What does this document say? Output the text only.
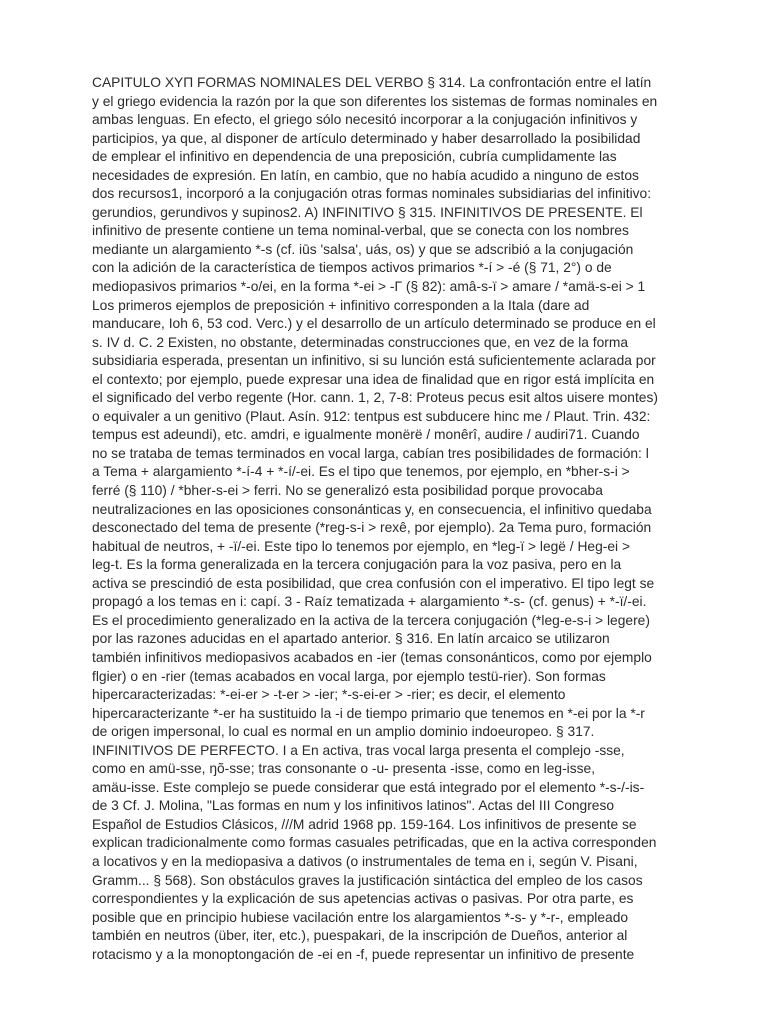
CAPITULO XYП FORMAS NOMINALES DEL VERBO § 314. La confrontación entre el latín
y el griego evidencia la razón por la que son diferentes los sistemas de formas nominales en
ambas lenguas. En efecto, el griego sólo necesitó incorporar a la conjugación infinitivos y
participios, ya que, al disponer de artículo determinado y haber desarrollado la posibilidad
de emplear el infinitivo en dependencia de una preposición, cubría cumplidamente las
necesidades de expresión. En latín, en cambio, que no había acudido a ninguno de estos
dos recursos1, incorporó a la conjugación otras formas nominales subsidiarias del infinitivo:
gerundios, gerundivos y supinos2. A) INFINITIVO § 315. INFINITIVOS DE PRESENTE. El
infinitivo de presente contiene un tema nominal-verbal, que se conecta con los nombres
mediante un alargamiento *-s (cf. iūs 'salsa', uás, os) y que se adscribió a la conjugación
con la adición de la característica de tiempos activos primarios *-í > -é (§ 71, 2°) o de
mediopasivos primarios *-o/ei, en la forma *-ei > -Γ (§ 82): amâ-s-ï > amare / *amä-s-ei > 1
Los primeros ejemplos de preposición + infinitivo corresponden a la Itala (dare ad
manducare, Ioh 6, 53 cod. Verc.) y el desarrollo de un artículo determinado se produce en el
s. IV d. C. 2 Existen, no obstante, determinadas construcciones que, en vez de la forma
subsidiaria esperada, presentan un infinitivo, si su lunción está suficientemente aclarada por
el contexto; por ejemplo, puede expresar una idea de finalidad que en rigor está implícita en
el significado del verbo regente (Hor. cann. 1, 2, 7-8: Proteus pecus esit altos uisere montes)
o equivaler a un genitivo (Plaut. Asín. 912: tentpus est subducere hinc me / Plaut. Trin. 432:
tempus est adeundi), etc. amdri, e igualmente monërë / monêrî, audire / audiri71. Cuando
no se trataba de temas terminados en vocal larga, cabían tres posibilidades de formación: l
a Tema + alargamiento *-í-4 + *-í/-ei. Es el tipo que tenemos, por ejemplo, en *bher-s-i >
ferré (§ 110) / *bher-s-ei > ferri. No se generalizó esta posibilidad porque provocaba
neutralizaciones en las oposiciones consonánticas y, en consecuencia, el infinitivo quedaba
desconectado del tema de presente (*reg-s-i > rexê, por ejemplo). 2a Tema puro, formación
habitual de neutros, + -ï/-ei. Este tipo lo tenemos por ejemplo, en *leg-ï > legë / Heg-ei >
leg-t. Es la forma generalizada en la tercera conjugación para la voz pasiva, pero en la
activa se prescindió de esta posibilidad, que crea confusión con el imperativo. El tipo legt se
propagó a los temas en i: capí. 3 - Raíz tematizada + alargamiento *-s- (cf. genus) + *-ï/-ei.
Es el procedimiento generalizado en la activa de la tercera conjugación (*leg-e-s-i > legere)
por las razones aducidas en el apartado anterior. § 316. En latín arcaico se utilizaron
también infinitivos mediopasivos acabados en -ier (temas consonánticos, como por ejemplo
flgier) o en -rier (temas acabados en vocal larga, por ejemplo testü-rier). Son formas
hipercaracterizadas: *-ei-er > -t-er > -ier; *-s-ei-er > -rier; es decir, el elemento
hipercaracterizante *-er ha sustituido la -i de tiempo primario que tenemos en *-ei por la *-r
de origen impersonal, lo cual es normal en un amplio dominio indoeuropeo. § 317.
INFINITIVOS DE PERFECTO. I a En activa, tras vocal larga presenta el complejo -sse,
como en amü-sse, ŋõ-sse; tras consonante o -u- presenta -isse, como en leg-isse,
amäu-isse. Este complejo se puede considerar que está integrado por el elemento *-s-/-is-
de 3 Cf. J. Molina, "Las formas en num y los infinitivos latinos". Actas del III Congreso
Español de Estudios Clásicos, ///M adrid 1968 pp. 159-164. Los infinitivos de presente se
explican tradicionalmente como formas casuales petrificadas, que en la activa corresponden
a locativos y en la mediopasiva a dativos (o instrumentales de tema en i, según V. Pisani,
Gramm... § 568). Son obstáculos graves la justificación sintáctica del empleo de los casos
correspondientes y la explicación de sus apetencias activas o pasivas. Por otra parte, es
posible que en principio hubiese vacilación entre los alargamientos *-s- y *-r-, empleado
también en neutros (über, iter, etc.), puespakari, de la inscripción de Dueños, anterior al
rotacismo y a la monoptongación de -ei en -f, puede representar un infinitivo de presente
